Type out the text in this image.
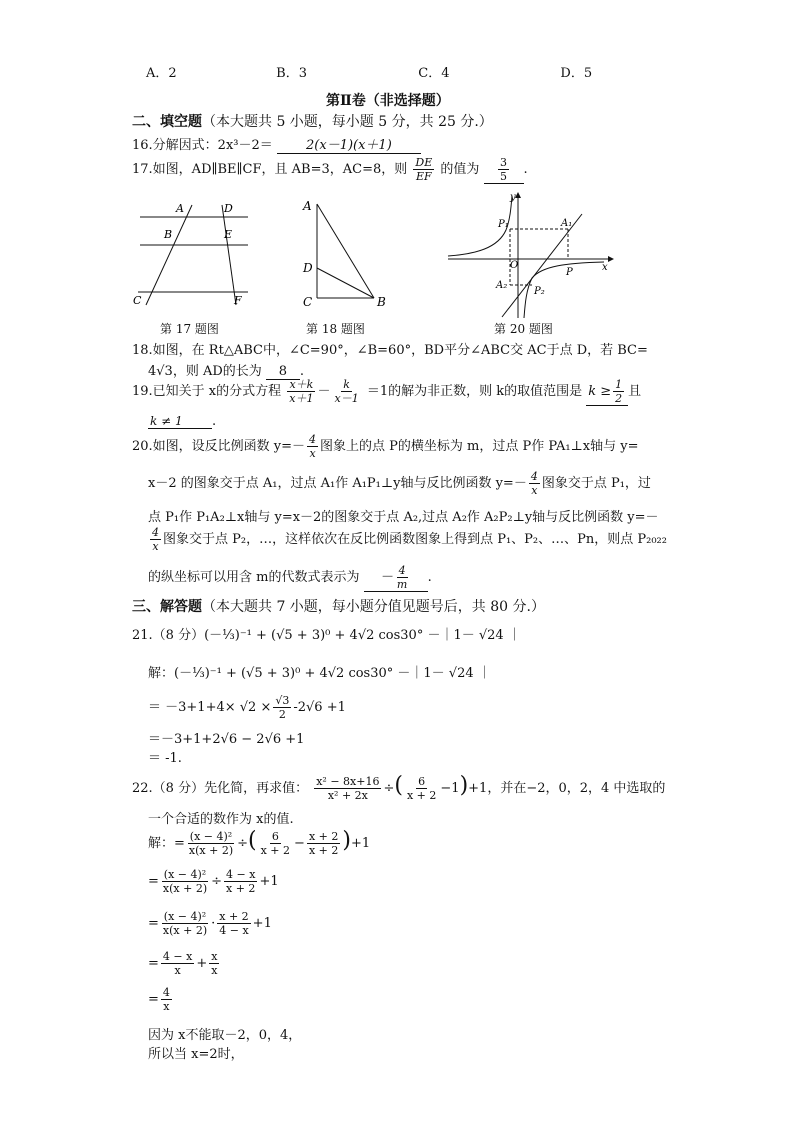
A．2	B．3	C．4	D．5
第Ⅱ卷（非选择题）
二、填空题（本大题共 5 小题，每小题 5 分，共 25 分.）
16.分解因式：2x³－2＝	2(x－1)(x＋1)
17.如图，AD∥BE∥CF，且 AB=3，AC=8，则 $\frac{DE}{EF}$ 的值为 $\frac{3}{5}$ .
A	D
B	E
C	F
第 17 题图
A
D
C	B
第 18 题图
y
P₁	A₁
O
P	x
A₂
P₂
第 20 题图
18.如图，在 Rt△ABC中，∠C=90°，∠B=60°，BD平分∠ABC交 AC于点 D，若 BC=
4√3，则 AD的长为 8 .
19.已知关于 x的分式方程 $\frac{x+k}{x+1} - \frac{k}{x-1} =1$的解为非正数，则 k的取值范围是 $k \ge \frac{1}{2}$ 且
k ≠ 1 .
20.如图，设反比例函数 $y=- \frac{4}{x}$ 图象上的点 P的横坐标为 m，过点 P作 PA₁⊥x轴与 y=
x－2 的图象交于点 A₁，过点 A₁作 A₁P₁⊥y轴与反比例函数 $y=- \frac{4}{x}$ 图象交于点 P₁，过
点 P₁作 P₁A₂⊥x轴与 y=x－2的图象交于点 A₂,过点 A₂作 A₂P₂⊥y轴与反比例函数 y=－
$\frac{4}{x}$ 图象交于点 P₂，…，这样依次在反比例函数图象上得到点 P₁、P₂、…、Pn，则点 P₂₀₂₂
的纵坐标可以用含 m的代数式表示为 － $\frac{4}{m}$ .
三、解答题（本大题共 7 小题，每小题分值见题号后，共 80 分.）
21.（8 分）(－⅓)⁻¹ + (√5 + 3)⁰ + 4√2 cos30° －｜1－ √24 ｜
解：(－⅓)⁻¹ + (√5 + 3)⁰ + 4√2 cos30° －｜1－ √24 ｜
＝ $-3+1+4\times √2 \times \frac{√3}{2} -2√6 +1$
＝－3+1+2√6 − 2√6 +1
＝ -1.
22.（8 分）先化简，再求值： $\frac{\text{x² − 8x+16}}{\text{x² + 2x}}$ ÷( $\frac{6}{x + 2} -1)+1$，并在−2，0，2，4 中选取的
一个合适的数作为 x的值.
解：= $\frac{\text{(x − 4)²}}{x(x + 2)}$ ÷( $\frac{6}{x + 2} - \frac{x + 2}{x + 2} )+1$
= $\frac{\text{(x − 4)²}}{x(x + 2)} \div \frac{4 - x}{x + 2} +1$
= $\frac{\text{(x − 4)²}}{x(x + 2)} \cdot \frac{x + 2}{4 - x} +1$
= $\frac{4 - x}{x} + \frac{x}{x}$
= $\frac{4}{x}$
因为 x不能取－2，0，4，
所以当 x=2时，
